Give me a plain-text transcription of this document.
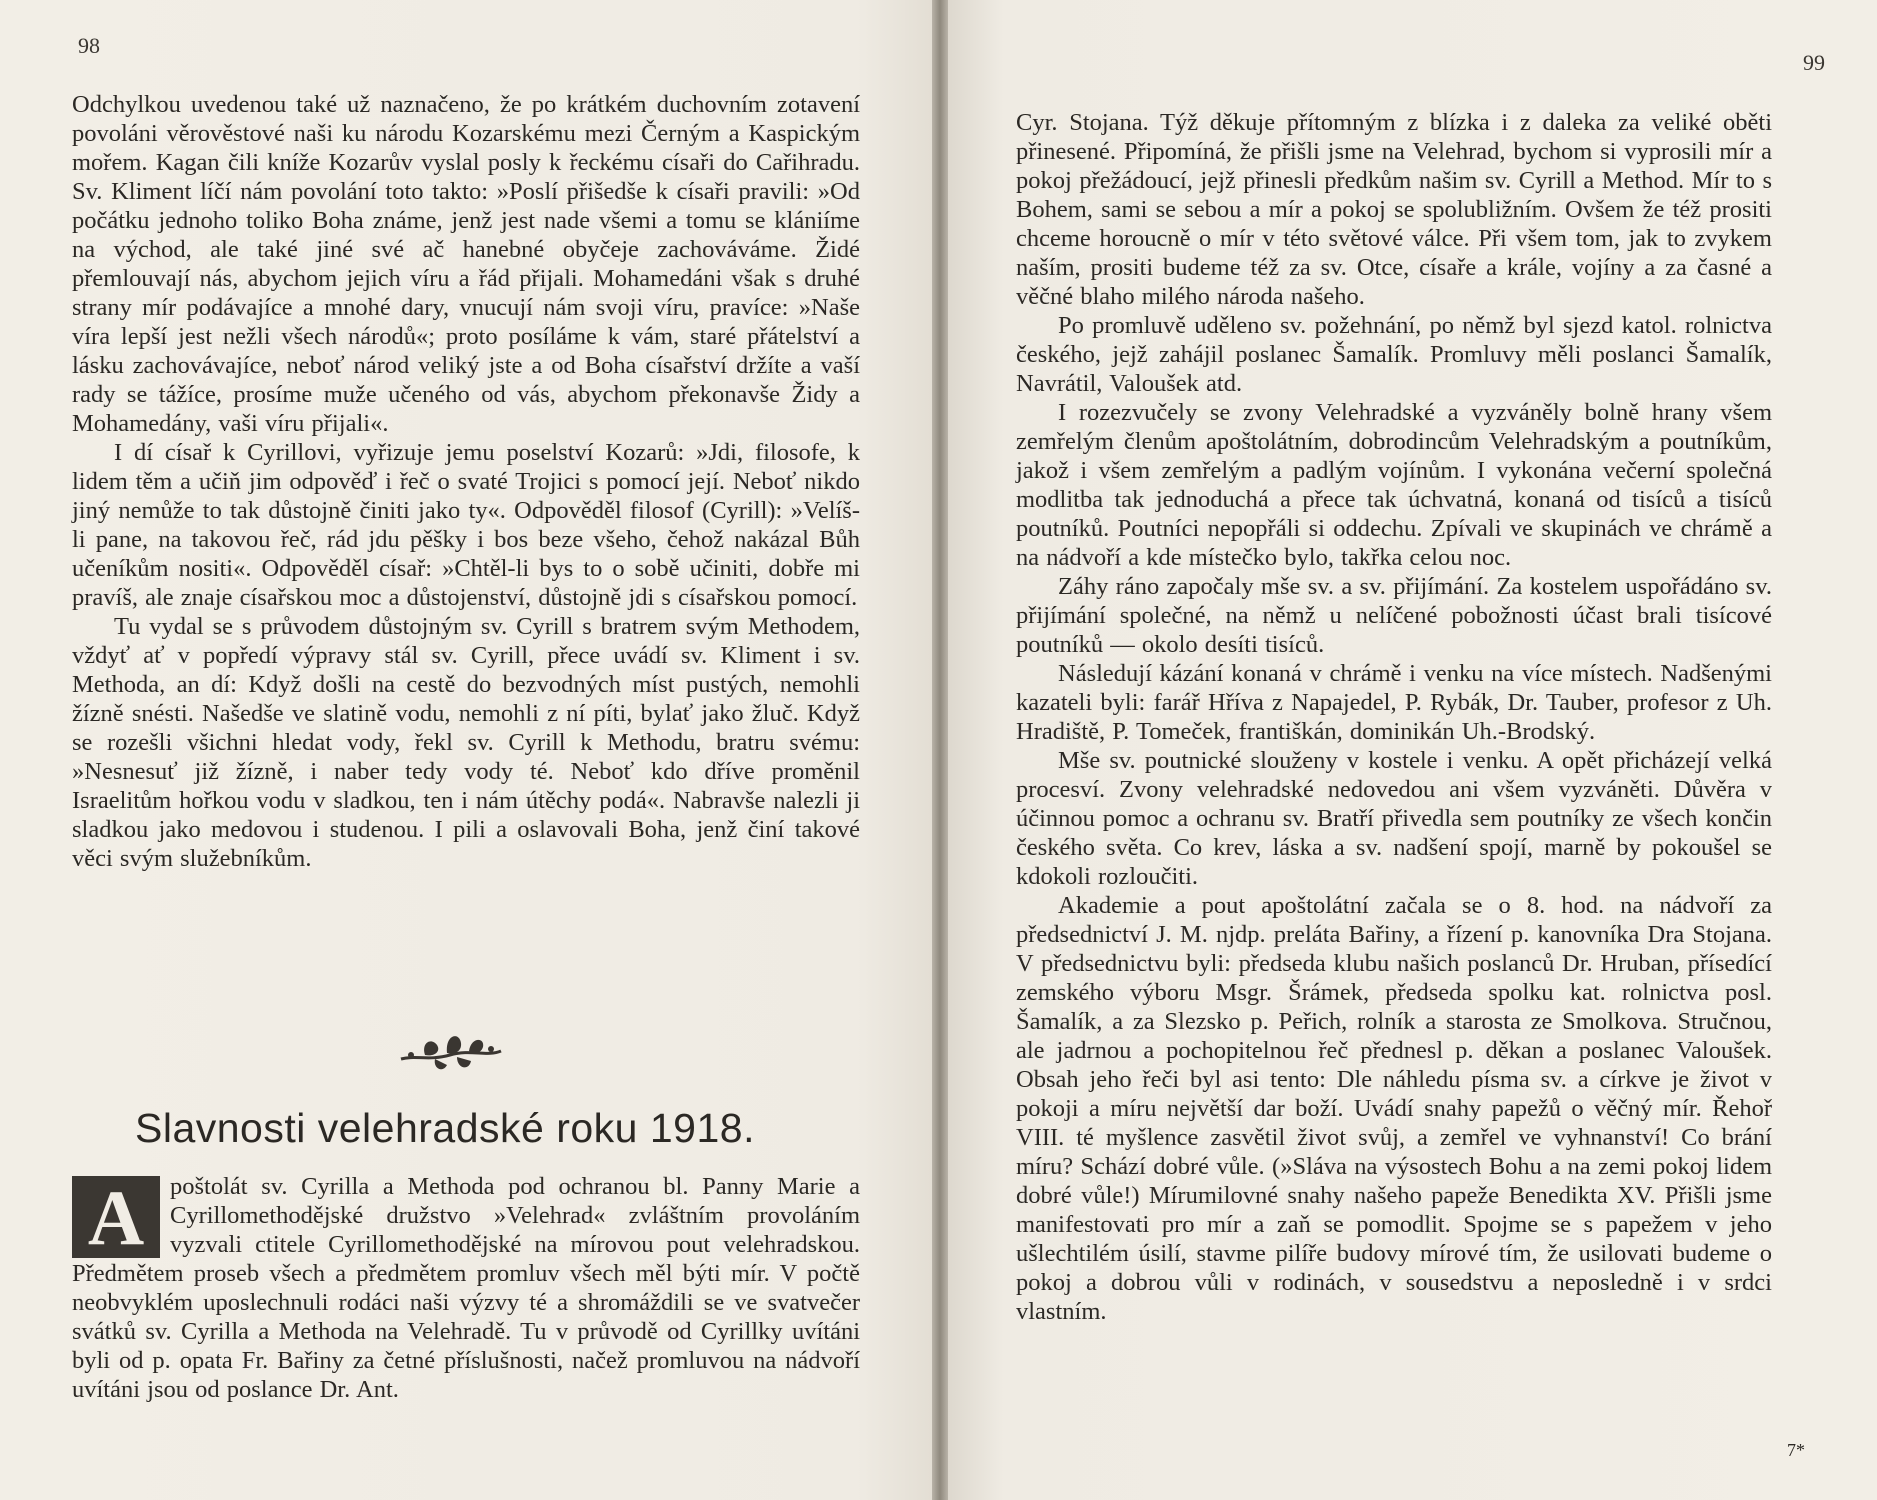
98

Odchylkou uvedenou také už naznačeno, že po krátkém duchovním zotavení povoláni věrověstové naši ku národu Kozarskému mezi Černým a Kaspickým mořem. Kagan čili kníže Kozarův vyslal posly k řeckému císaři do Cařihradu. Sv. Kliment líčí nám povolání toto takto: »Poslí přišedše k císaři pravili: »Od počátku jednoho toliko Boha známe, jenž jest nade všemi a tomu se klániíme na východ, ale také jiné své ač hanebné obyčeje zachováváme. Židé přemlouvají nás, abychom jejich víru a řád přijali. Mohamedáni však s druhé strany mír podávajíce a mnohé dary, vnucují nám svoji víru, pravíce: »Naše víra lepší jest nežli všech národů«; proto posíláme k vám, staré přátelství a lásku zachovávajíce, neboť národ veliký jste a od Boha císařství držíte a vaší rady se tážíce, prosíme muže učeného od vás, abychom překonavše Židy a Mohamedány, vaši víru přijali«.

I dí císař k Cyrillovi, vyřizuje jemu poselství Kozarů: »Jdi, filosofe, k lidem těm a učiň jim odpověď i řeč o svaté Trojici s pomocí její. Neboť nikdo jiný nemůže to tak důstojně činiti jako ty«. Odpověděl filosof (Cyrill): »Velíš-li pane, na takovou řeč, rád jdu pěšky i bos beze všeho, čehož nakázal Bůh učeníkům nositi«. Odpověděl císař: »Chtěl-li bys to o sobě učiniti, dobře mi pravíš, ale znaje císařskou moc a důstojenství, důstojně jdi s císařskou pomocí.

Tu vydal se s průvodem důstojným sv. Cyrill s bratrem svým Methodem, vždyť ať v popředí výpravy stál sv. Cyrill, přece uvádí sv. Kliment i sv. Methoda, an dí: Když došli na cestě do bezvodných míst pustých, nemohli žízně snésti. Našedše ve slatině vodu, nemohli z ní píti, bylať jako žluč. Když se rozešli všichni hledat vody, řekl sv. Cyrill k Methodu, bratru svému: »Nesnesuť již žízně, i naber tedy vody té. Neboť kdo dříve proměnil Israelitům hořkou vodu v sladkou, ten i nám útěchy podá«. Nabravše nalezli ji sladkou jako medovou i studenou. I pili a oslavovali Boha, jenž činí takové věci svým služebníkům.

Slavnosti velehradské roku 1918.
A	poštolát sv. Cyrilla a Methoda pod ochranou bl. Panny Marie a Cyrillomethodějské družstvo »Velehrad« zvláštním provoláním vyzvali ctitele Cyrillomethodějské na mírovou pout velehradskou. Předmětem proseb všech a předmětem promluv všech měl býti mír. V počtě neobvyklém uposlechnuli rodáci naši výzvy té a shromáždili se ve svatvečer svátků sv. Cyrilla a Methoda na Velehradě. Tu v průvodě od Cyrillky uvítáni byli od p. opata Fr. Bařiny za četné příslušnosti, načež promluvou na nádvoří uvítáni jsou od poslance Dr. Ant.
99

Cyr. Stojana. Týž děkuje přítomným z blízka i z daleka za veliké oběti přinesené. Připomíná, že přišli jsme na Velehrad, bychom si vyprosili mír a pokoj přežádoucí, jejž přinesli předkům našim sv. Cyrill a Method. Mír to s Bohem, sami se sebou a mír a pokoj se spolubližním. Ovšem že též prositi chceme horoucně o mír v této světové válce. Při všem tom, jak to zvykem naším, prositi budeme též za sv. Otce, císaře a krále, vojíny a za časné a věčné blaho milého národa našeho.

Po promluvě uděleno sv. požehnání, po němž byl sjezd katol. rolnictva českého, jejž zahájil poslanec Šamalík. Promluvy měli poslanci Šamalík, Navrátil, Valoušek atd.

I rozezvučely se zvony Velehradské a vyzváněly bolně hrany všem zemřelým členům apoštolátním, dobrodincům Velehradským a poutníkům, jakož i všem zemřelým a padlým vojínům. I vykonána večerní společná modlitba tak jednoduchá a přece tak úchvatná, konaná od tisíců a tisíců poutníků. Poutníci nepopřáli si oddechu. Zpívali ve skupinách ve chrámě a na nádvoří a kde místečko bylo, takřka celou noc.

Záhy ráno započaly mše sv. a sv. přijímání. Za kostelem uspořádáno sv. přijímání společné, na němž u nelíčené pobožnosti účast brali tisícové poutníků — okolo desíti tisíců.

Následují kázání konaná v chrámě i venku na více místech. Nadšenými kazateli byli: farář Hříva z Napajedel, P. Rybák, Dr. Tauber, profesor z Uh. Hradiště, P. Tomeček, františkán, dominikán Uh.-Brodský.

Mše sv. poutnické slouženy v kostele i venku. A opět přicházejí velká procesví. Zvony velehradské nedovedou ani všem vyzváněti. Důvěra v účinnou pomoc a ochranu sv. Bratří přivedla sem poutníky ze všech končin českého světa. Co krev, láska a sv. nadšení spojí, marně by pokoušel se kdokoli rozloučiti.

Akademie a pout apoštolátní začala se o 8. hod. na nádvoří za předsednictví J. M. njdp. preláta Bařiny, a řízení p. kanovníka Dra Stojana. V předsednictvu byli: předseda klubu našich poslanců Dr. Hruban, přísedící zemského výboru Msgr. Šrámek, předseda spolku kat. rolnictva posl. Šamalík, a za Slezsko p. Peřich, rolník a starosta ze Smolkova. Stručnou, ale jadrnou a pochopitelnou řeč přednesl p. děkan a poslanec Valoušek. Obsah jeho řeči byl asi tento: Dle náhledu písma sv. a církve je život v pokoji a míru největší dar boží. Uvádí snahy papežů o věčný mír. Řehoř VIII. té myšlence zasvětil život svůj, a zemřel ve vyhnanství! Co brání míru? Schází dobré vůle. (»Sláva na výsostech Bohu a na zemi pokoj lidem dobré vůle!) Mírumilovné snahy našeho papeže Benedikta XV. Přišli jsme manifestovati pro mír a zaň se pomodlit. Spojme se s papežem v jeho ušlechtilém úsilí, stavme pilíře budovy mírové tím, že usilovati budeme o pokoj a dobrou vůli v rodinách, v sousedstvu a neposledně i v srdci vlastním.

7*
